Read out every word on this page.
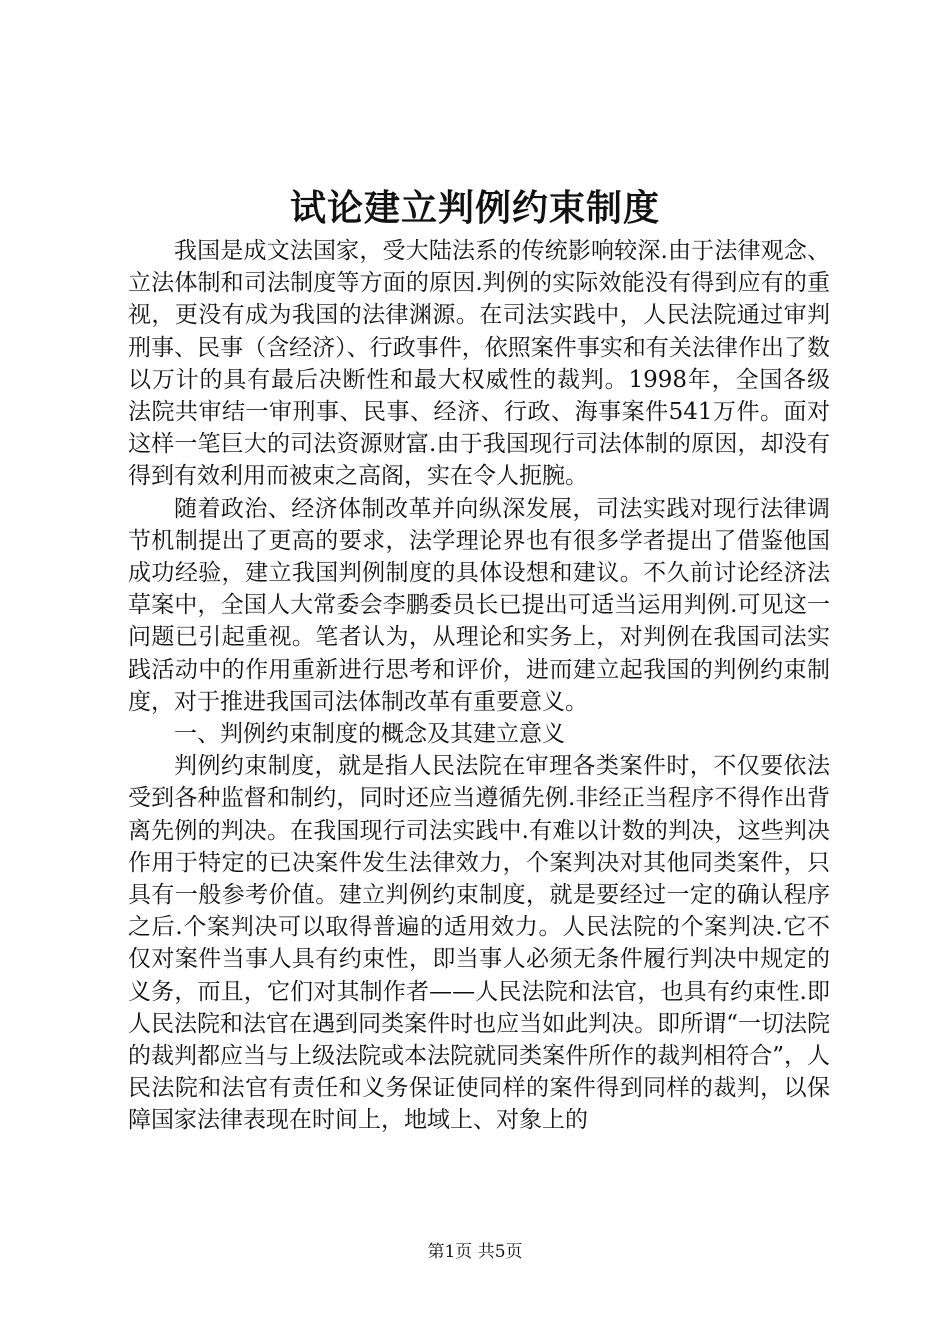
试论建立判例约束制度

我国是成文法国家，受大陆法系的传统影响较深.由于法律观念、立法体制和司法制度等方面的原因.判例的实际效能没有得到应有的重视，更没有成为我国的法律渊源。在司法实践中，人民法院通过审判刑事、民事（含经济）、行政事件，依照案件事实和有关法律作出了数以万计的具有最后决断性和最大权威性的裁判。1998年，全国各级法院共审结一审刑事、民事、经济、行政、海事案件541万件。面对这样一笔巨大的司法资源财富.由于我国现行司法体制的原因，却没有得到有效利用而被束之高阁，实在令人扼腕。

随着政治、经济体制改革并向纵深发展，司法实践对现行法律调节机制提出了更高的要求，法学理论界也有很多学者提出了借鉴他国成功经验，建立我国判例制度的具体设想和建议。不久前讨论经济法草案中，全国人大常委会李鹏委员长已提出可适当运用判例.可见这一问题已引起重视。笔者认为，从理论和实务上，对判例在我国司法实践活动中的作用重新进行思考和评价，进而建立起我国的判例约束制度，对于推进我国司法体制改革有重要意义。

一、判例约束制度的概念及其建立意义

判例约束制度，就是指人民法院在审理各类案件时，不仅要依法受到各种监督和制约，同时还应当遵循先例.非经正当程序不得作出背离先例的判决。在我国现行司法实践中.有难以计数的判决，这些判决作用于特定的已决案件发生法律效力，个案判决对其他同类案件，只具有一般参考价值。建立判例约束制度，就是要经过一定的确认程序之后.个案判决可以取得普遍的适用效力。人民法院的个案判决.它不仅对案件当事人具有约束性，即当事人必须无条件履行判决中规定的义务，而且，它们对其制作者——人民法院和法官，也具有约束性.即人民法院和法官在遇到同类案件时也应当如此判决。即所谓“一切法院的裁判都应当与上级法院或本法院就同类案件所作的裁判相符合”，人民法院和法官有责任和义务保证使同样的案件得到同样的裁判，以保障国家法律表现在时间上，地域上、对象上的

第1页 共5页
